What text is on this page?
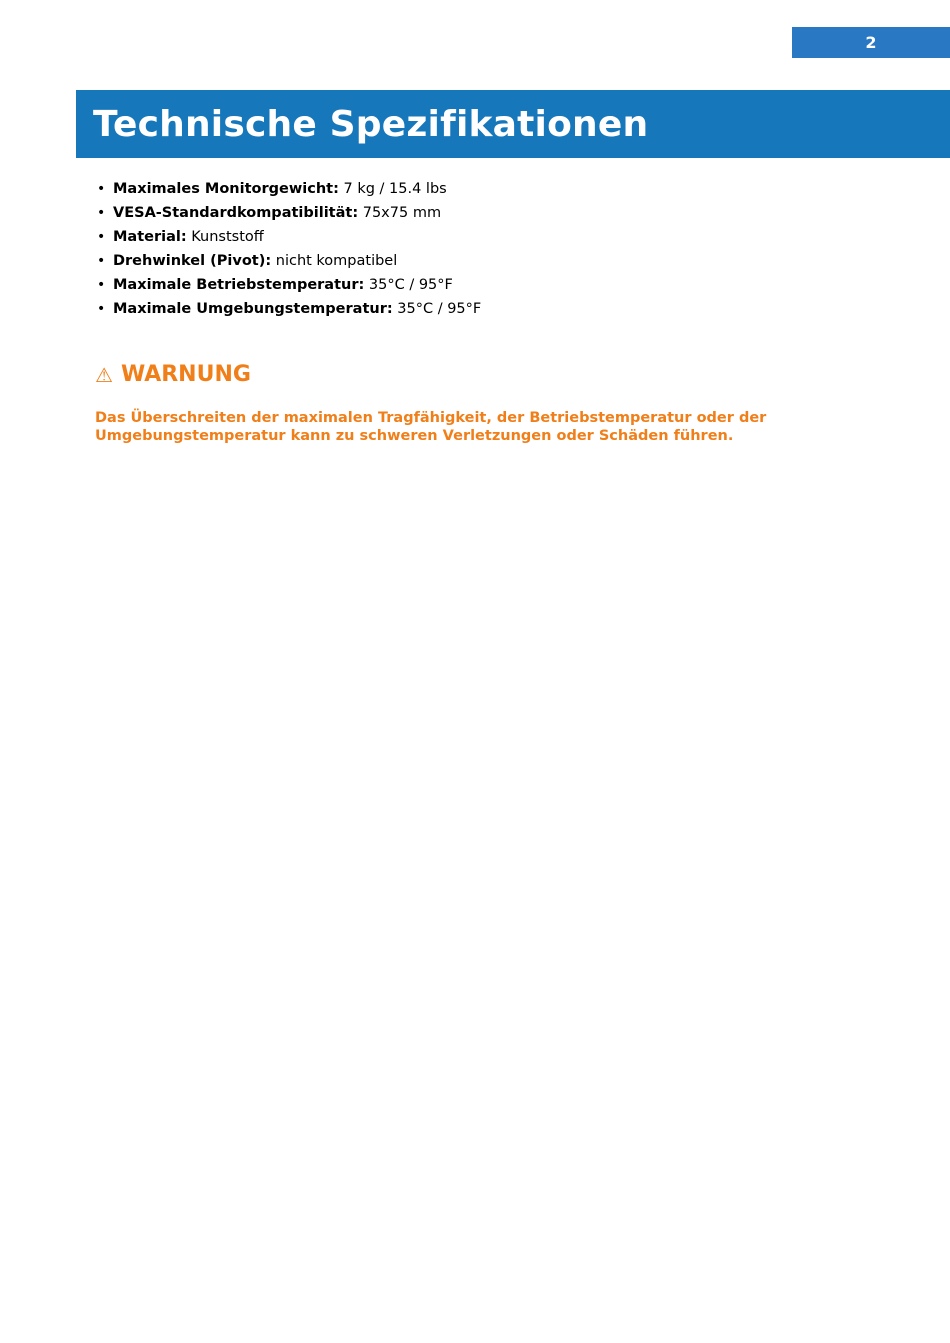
2
Technische Spezifikationen
• Maximales Monitorgewicht: 7 kg / 15.4 lbs
• VESA-Standardkompatibilität: 75x75 mm
• Material: Kunststoff
• Drehwinkel (Pivot): nicht kompatibel
• Maximale Betriebstemperatur: 35°C / 95°F
• Maximale Umgebungstemperatur: 35°C / 95°F
⚠ WARNUNG
Das Überschreiten der maximalen Tragfähigkeit, der Betriebstemperatur oder der
Umgebungstemperatur kann zu schweren Verletzungen oder Schäden führen.
